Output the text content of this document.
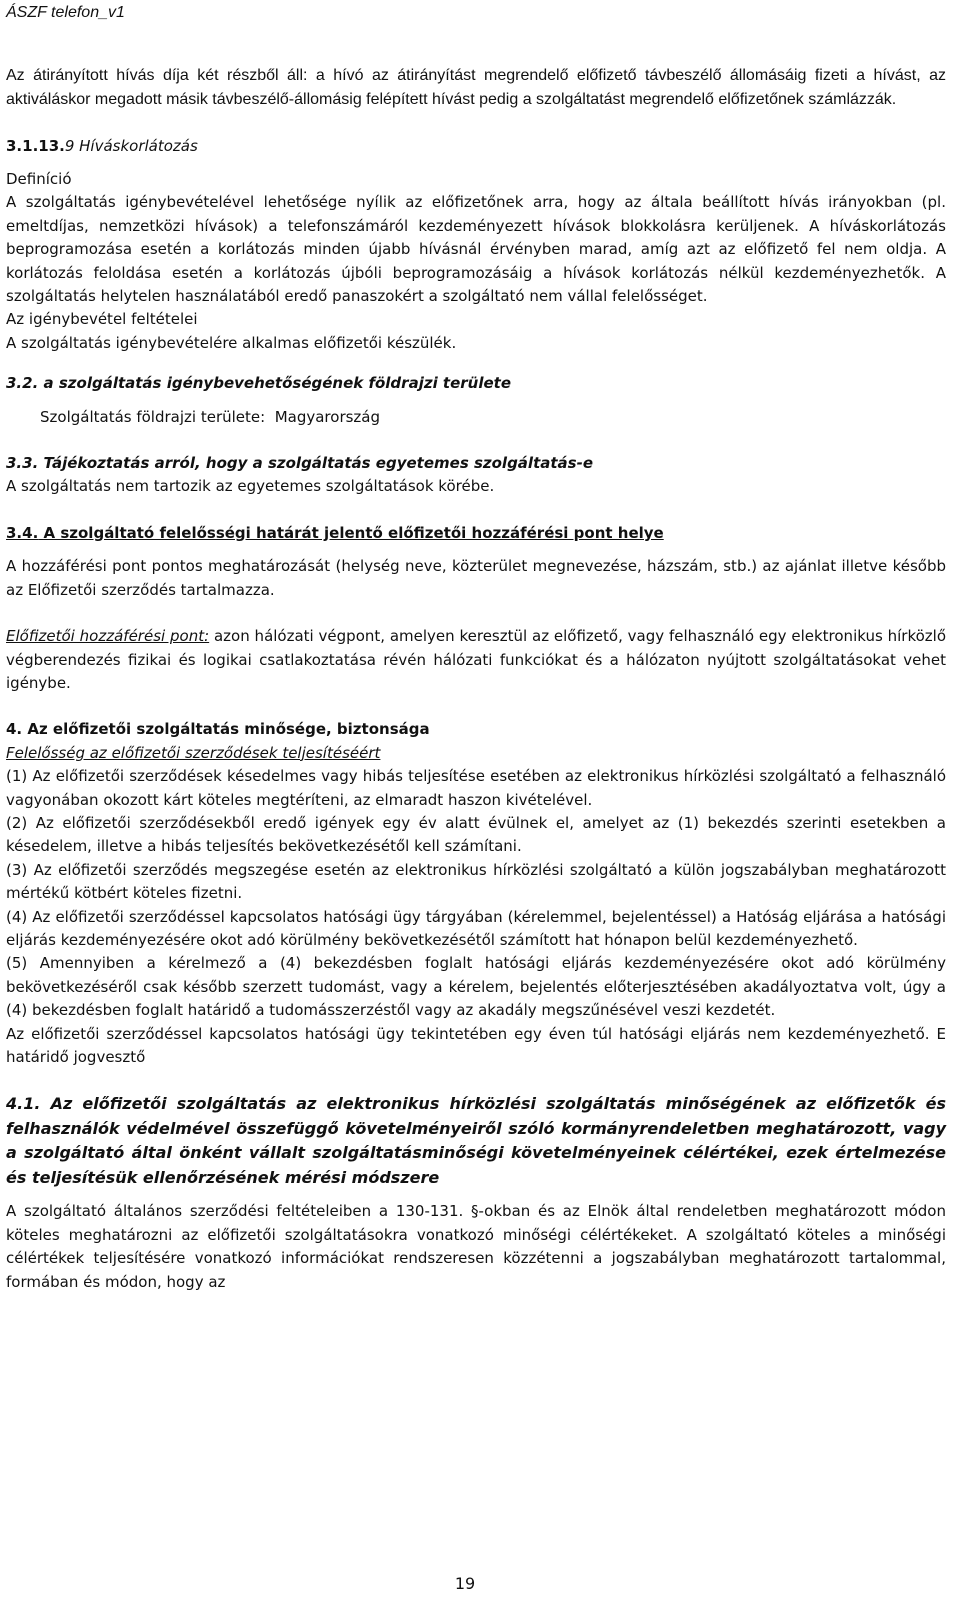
ÁSZF telefon_v1

Az átirányított hívás díja két részből áll: a hívó az átirányítást megrendelő előfizető távbeszélő állomásáig fizeti a hívást, az aktiváláskor megadott másik távbeszélő-állomásig felépített hívást pedig a szolgáltatást megrendelő előfizetőnek számlázzák.

3.1.13.9 Híváskorlátozás

Definíció

A szolgáltatás igénybevételével lehetősége nyílik az előfizetőnek arra, hogy az általa beállított hívás irányokban (pl. emeltdíjas, nemzetközi hívások) a telefonszámáról kezdeményezett hívások blokkolásra kerüljenek. A híváskorlátozás beprogramozása esetén a korlátozás minden újabb hívásnál érvényben marad, amíg azt az előfizető fel nem oldja. A korlátozás feloldása esetén a korlátozás újbóli beprogramozásáig a hívások korlátozás nélkül kezdeményezhetők. A szolgáltatás helytelen használatából eredő panaszokért a szolgáltató nem vállal felelősséget.

Az igénybevétel feltételei

A szolgáltatás igénybevételére alkalmas előfizetői készülék.

3.2. a szolgáltatás igénybevehetőségének földrajzi területe

Szolgáltatás földrajzi területe:  Magyarország

3.3. Tájékoztatás arról, hogy a szolgáltatás egyetemes szolgáltatás-e

A szolgáltatás nem tartozik az egyetemes szolgáltatások körébe.

3.4. A szolgáltató felelősségi határát jelentő előfizetői hozzáférési pont helye

A hozzáférési pont pontos meghatározását (helység neve, közterület megnevezése, házszám, stb.) az ajánlat illetve később az Előfizetői szerződés tartalmazza.

Előfizetői hozzáférési pont: azon hálózati végpont, amelyen keresztül az előfizető, vagy felhasználó egy elektronikus hírközlő végberendezés fizikai és logikai csatlakoztatása révén hálózati funkciókat és a hálózaton nyújtott szolgáltatásokat vehet igénybe.

4. Az előfizetői szolgáltatás minősége, biztonsága

Felelősség az előfizetői szerződések teljesítéséért

(1) Az előfizetői szerződések késedelmes vagy hibás teljesítése esetében az elektronikus hírközlési szolgáltató a felhasználó vagyonában okozott kárt köteles megtéríteni, az elmaradt haszon kivételével.

(2) Az előfizetői szerződésekből eredő igények egy év alatt évülnek el, amelyet az (1) bekezdés szerinti esetekben a késedelem, illetve a hibás teljesítés bekövetkezésétől kell számítani.

(3) Az előfizetői szerződés megszegése esetén az elektronikus hírközlési szolgáltató a külön jogszabályban meghatározott mértékű kötbért köteles fizetni.

(4) Az előfizetői szerződéssel kapcsolatos hatósági ügy tárgyában (kérelemmel, bejelentéssel) a Hatóság eljárása a hatósági eljárás kezdeményezésére okot adó körülmény bekövetkezésétől számított hat hónapon belül kezdeményezhető.

(5) Amennyiben a kérelmező a (4) bekezdésben foglalt hatósági eljárás kezdeményezésére okot adó körülmény bekövetkezéséről csak később szerzett tudomást, vagy a kérelem, bejelentés előterjesztésében akadályoztatva volt, úgy a (4) bekezdésben foglalt határidő a tudomásszerzéstől vagy az akadály megszűnésével veszi kezdetét.

Az előfizetői szerződéssel kapcsolatos hatósági ügy tekintetében egy éven túl hatósági eljárás nem kezdeményezhető. E határidő jogvesztő

4.1. Az előfizetői szolgáltatás az elektronikus hírközlési szolgáltatás minőségének az előfizetők és felhasználók védelmével összefüggő követelményeiről szóló kormányrendeletben meghatározott, vagy a szolgáltató által önként vállalt szolgáltatásminőségi követelményeinek célértékei, ezek értelmezése és teljesítésük ellenőrzésének mérési módszere

A szolgáltató általános szerződési feltételeiben a 130-131. §-okban és az Elnök által rendeletben meghatározott módon köteles meghatározni az előfizetői szolgáltatásokra vonatkozó minőségi célértékeket. A szolgáltató köteles a minőségi célértékek teljesítésére vonatkozó információkat rendszeresen közzétenni a jogszabályban meghatározott tartalommal, formában és módon, hogy az

19
